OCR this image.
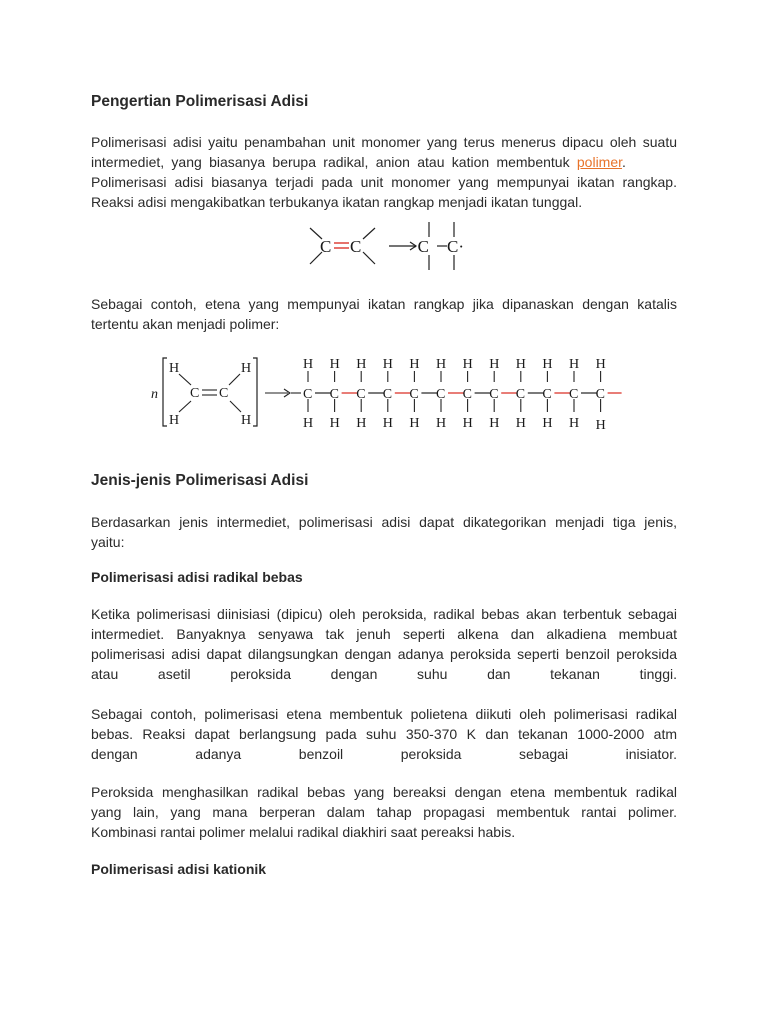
Pengertian Polimerisasi Adisi

Polimerisasi adisi yaitu penambahan unit monomer yang terus menerus dipacu oleh suatu
intermediet, yang biasanya berupa radikal, anion atau kation membentuk polimer.
Polimerisasi adisi biasanya terjadi pada unit monomer yang mempunyai ikatan rangkap.
Reaksi adisi mengakibatkan terbukanya ikatan rangkap menjadi ikatan tunggal.

C C	·C C·

Sebagai contoh, etena yang mempunyai ikatan rangkap jika dipanaskan dengan katalis
tertentu akan menjadi polimer:

n
H	H
C C
H	H
C
H
H
C
H
H
C
H
H
C
H
H
C
H
H
C
H
H
C
H
H
C
H
H
C
H
H
C
H
H
C
H
H
C
H
H
Jenis-jenis Polimerisasi Adisi

Berdasarkan jenis intermediet, polimerisasi adisi dapat dikategorikan menjadi tiga jenis,
yaitu:

Polimerisasi adisi radikal bebas

Ketika polimerisasi diinisiasi (dipicu) oleh peroksida, radikal bebas akan terbentuk sebagai
intermediet. Banyaknya senyawa tak jenuh seperti alkena dan alkadiena membuat
polimerisasi adisi dapat dilangsungkan dengan adanya peroksida seperti benzoil peroksida
atau asetil peroksida dengan suhu dan tekanan tinggi.

Sebagai contoh, polimerisasi etena membentuk polietena diikuti oleh polimerisasi radikal
bebas. Reaksi dapat berlangsung pada suhu 350-370 K dan tekanan 1000-2000 atm
dengan adanya benzoil peroksida sebagai inisiator.

Peroksida menghasilkan radikal bebas yang bereaksi dengan etena membentuk radikal
yang lain, yang mana berperan dalam tahap propagasi membentuk rantai polimer.
Kombinasi rantai polimer melalui radikal diakhiri saat pereaksi habis.

Polimerisasi adisi kationik
